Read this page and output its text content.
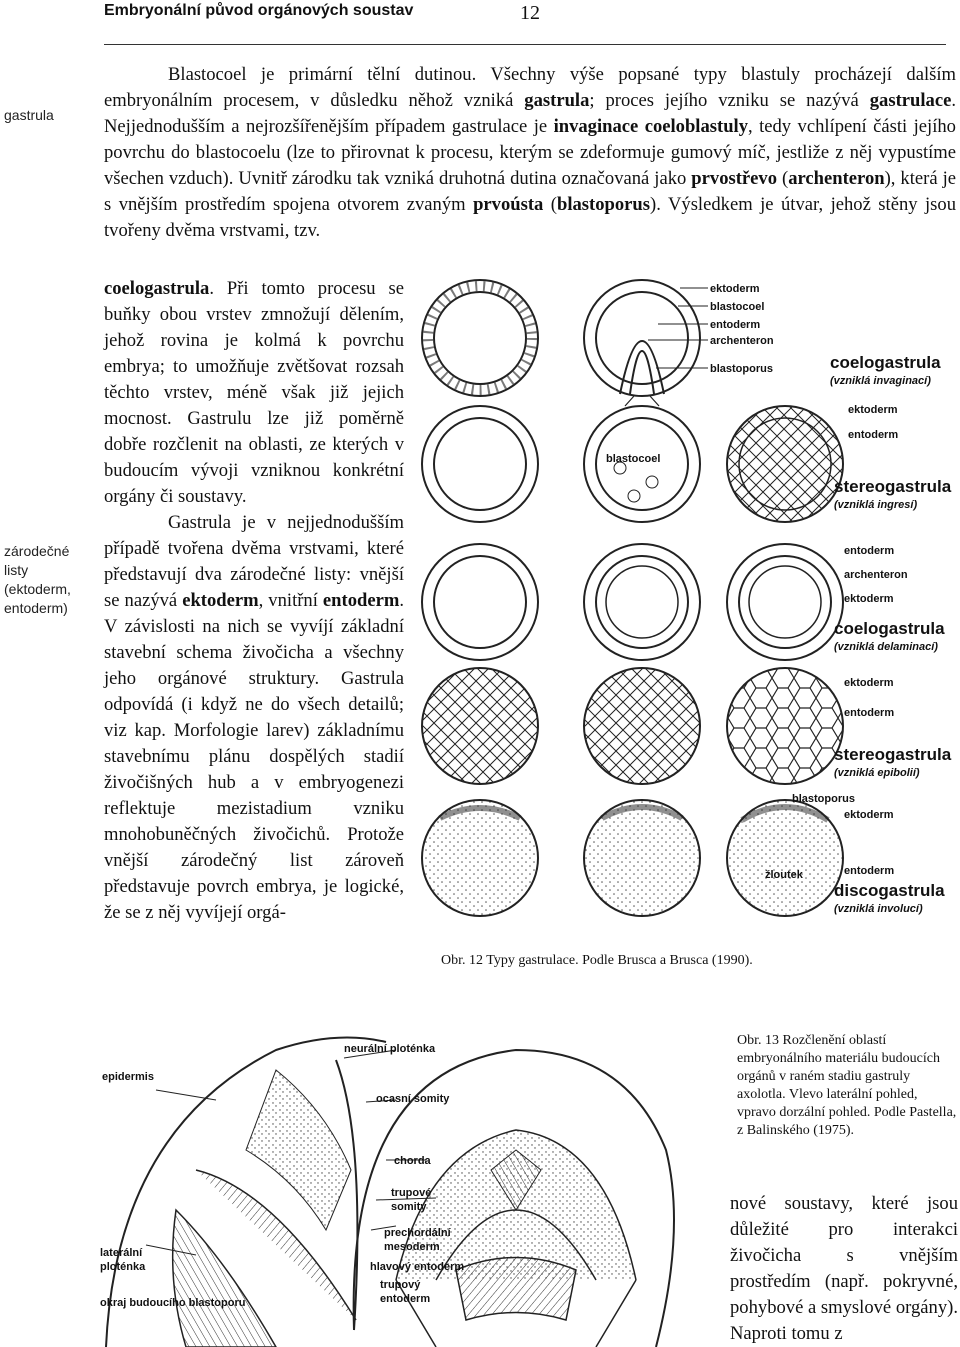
Embryonální původ orgánových soustav	12
gastrula
zárodečné
listy
(ektoderm,
entoderm)
Blastocoel je primární tělní dutinou. Všechny výše popsané typy blastuly procházejí dalším embryonálním procesem, v důsledku něhož vzniká gastrula; proces jejího vzniku se nazývá gastrulace. Nejjednodušším a nejrozšířenějším případem gastrulace je invaginace coeloblastuly, tedy vchlípení části jejího povrchu do blastocoelu (lze to přirovnat k procesu, kterým se zdeformuje gumový míč, jestliže z něj vypustíme všechen vzduch). Uvnitř zárodku tak vzniká druhotná dutina označovaná jako prvostřevo (archenteron), která je s vnějším prostředím spojena otvorem zvaným prvoústa (blastoporus). Výsledkem je útvar, jehož stěny jsou tvořeny dvěma vrstvami, tzv.
coelogastrula. Při tomto procesu se buňky obou vrstev zmnožují dělením, jehož rovina je kolmá k povrchu embrya; to umožňuje zvětšovat rozsah těchto vrstev, méně však již jejich mocnost. Gastrulu lze již poměrně dobře rozčlenit na oblasti, ze kterých v budoucím vývoji vzniknou konkrétní orgány či soustavy.
Gastrula je v nejjednodušším případě tvořena dvěma vrstvami, které představují dva zárodečné listy: vnější se nazývá ektoderm, vnitřní entoderm. V závislosti na nich se vyvíjí základní stavební schema živočicha a všechny jeho orgánové struktury. Gastrula odpovídá (i když ne do všech detailů; viz kap. Morfologie larev) základnímu stavebnímu plánu dospělých stadií živočišných hub a v embryogenezi reflektuje mezistadium vzniku mnohobuněčných živočichů. Protože vnější zárodečný list zároveň představuje povrch embrya, je logické, že se z něj vyvíjejí orgá-
ektoderm
blastocoel
entoderm
archenteron
blastoporus	coelogastrula
(vzniklá invaginací)
blastocoel
ektoderm
entoderm
stereogastrula
(vzniklá ingresí)
entoderm
archenteron
ektoderm
coelogastrula
(vzniklá delaminací)
ektoderm
entoderm
stereogastrula
(vzniklá epibolií)
blastoporus
ektoderm
entoderm
žloutek
discogastrula
(vzniklá involucí)
Obr. 12 Typy gastrulace. Podle Brusca a Brusca (1990).
neurální ploténka
epidermis
ocasní somity
chorda
trupové
somity
prechordální
mesoderm
laterální
ploténka	hlavový entoderm
trupový
entoderm
okraj budoucího blastoporu
Obr. 13 Rozčlenění oblastí embryonálního materiálu budoucích orgánů v raném stadiu gastruly axolotla. Vlevo laterální pohled, vpravo dorzální pohled. Podle Pastella, z Balinského (1975).
nové soustavy, které jsou důležité pro interakci živočicha s vnějším prostředím (např. pokryvné, pohybové a smyslové orgány). Naproti tomu z
